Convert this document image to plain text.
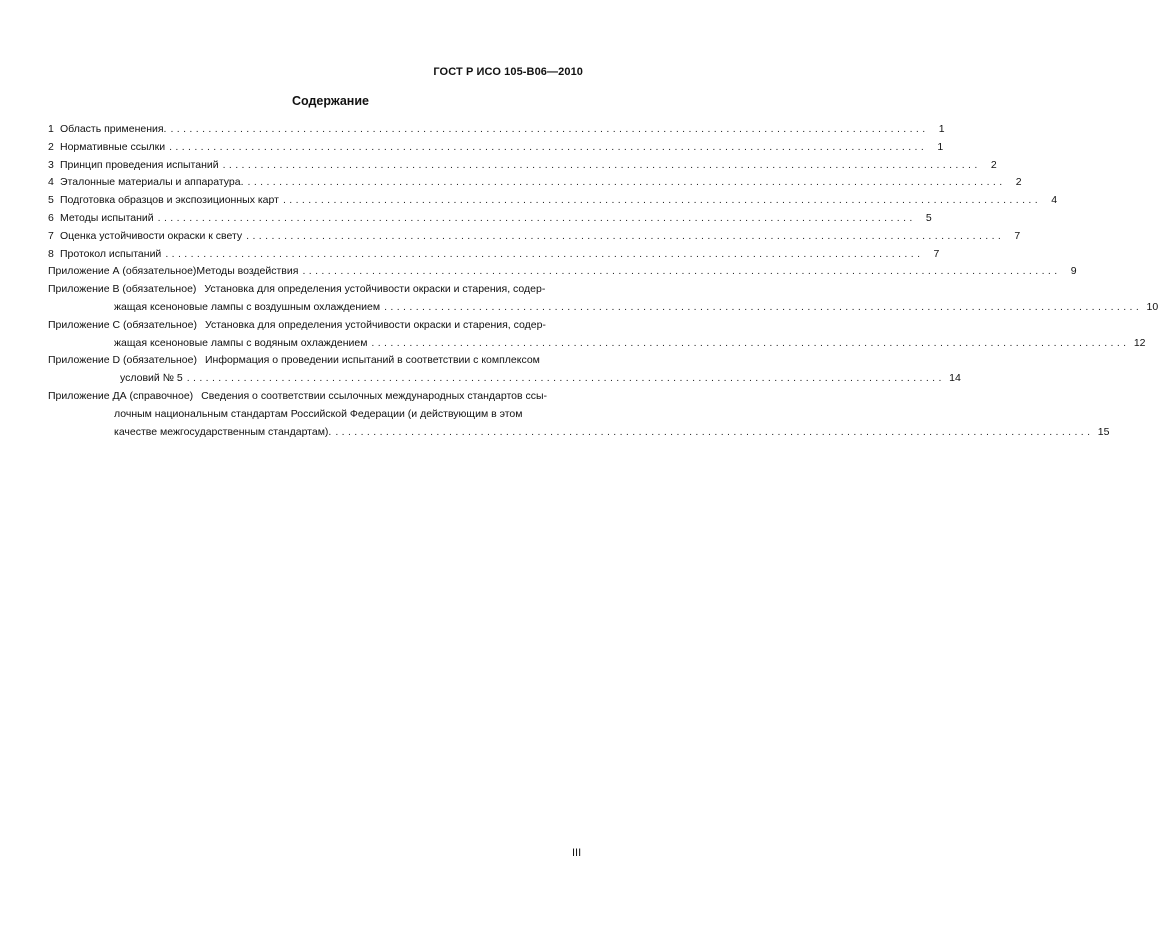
ГОСТ Р ИСО 105-B06—2010
Содержание
1 Область применения. ........................................................................................................................ 1
2 Нормативные ссылки ........................................................................................................................ 1
3 Принцип проведения испытаний ........................................................................................................................ 2
4 Эталонные материалы и аппаратура. ........................................................................................................................ 2
5 Подготовка образцов и экспозиционных карт ........................................................................................................................ 4
6 Методы испытаний ........................................................................................................................ 5
7 Оценка устойчивости окраски к свету ........................................................................................................................ 7
8 Протокол испытаний ........................................................................................................................ 7
Приложение А (обязательное) Методы воздействия ........................................................................................................................ 9
Приложение В (обязательное) Установка для определения устойчивости окраски и старения, содер-
жащая ксеноновые лампы с воздушным охлаждением ........................................................................................................................ 10
Приложение С (обязательное) Установка для определения устойчивости окраски и старения, содер-
жащая ксеноновые лампы с водяным охлаждением ........................................................................................................................ 12
Приложение D (обязательное) Информация о проведении испытаний в соответствии с комплексом
условий № 5 ........................................................................................................................ 14
Приложение ДА (справочное) Сведения о соответствии ссылочных международных стандартов ссы-
лочным национальным стандартам Российской Федерации (и действующим в этом
качестве межгосударственным стандартам). ........................................................................................................................ 15
III
